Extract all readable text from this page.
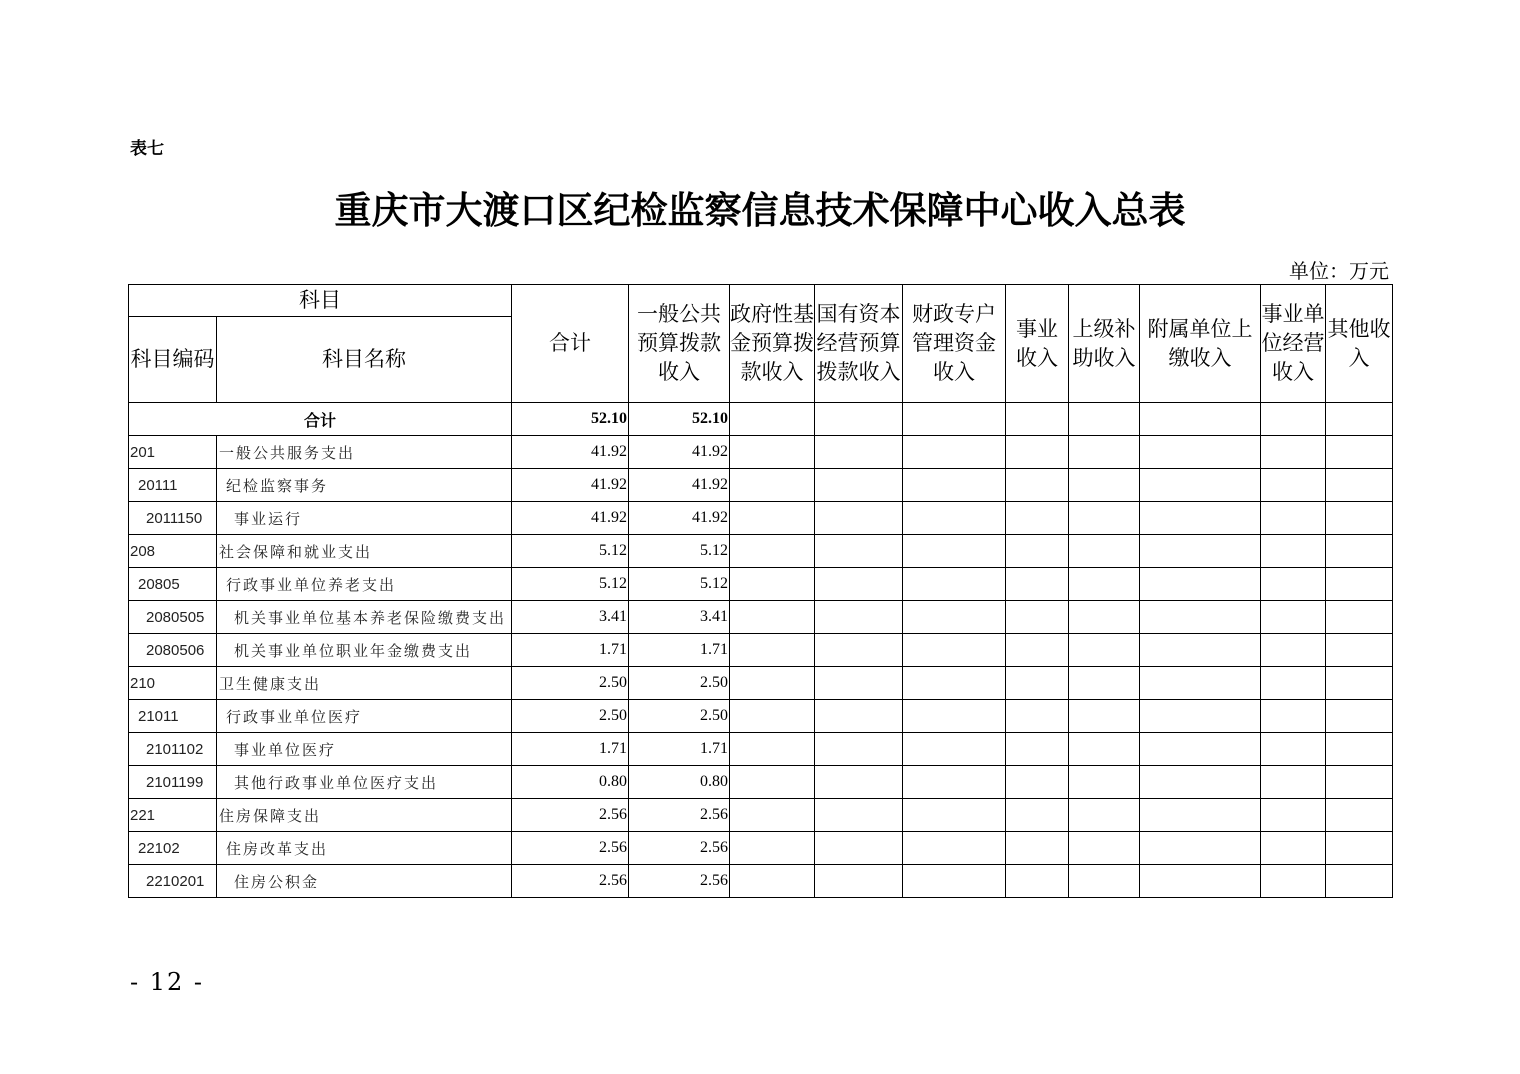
表七
重庆市大渡口区纪检监察信息技术保障中心收入总表
单位：万元
科目		合计	一般公共预算拨款收入	政府性基金预算拨款收入	国有资本经营预算拨款收入	财政专户管理资金收入	事业收入	上级补助收入	附属单位上缴收入	事业单位经营收入	其他收入
科目编码	科目名称										
合计		52.10	52.10								
201	一般公共服务支出	41.92	41.92								
20111	纪检监察事务	41.92	41.92								
2011150	事业运行	41.92	41.92								
208	社会保障和就业支出	5.12	5.12								
20805	行政事业单位养老支出	5.12	5.12								
2080505	机关事业单位基本养老保险缴费支出	3.41	3.41								
2080506	机关事业单位职业年金缴费支出	1.71	1.71								
210	卫生健康支出	2.50	2.50								
21011	行政事业单位医疗	2.50	2.50								
2101102	事业单位医疗	1.71	1.71								
2101199	其他行政事业单位医疗支出	0.80	0.80								
221	住房保障支出	2.56	2.56								
22102	住房改革支出	2.56	2.56								
2210201	住房公积金	2.56	2.56								
- 12 -
